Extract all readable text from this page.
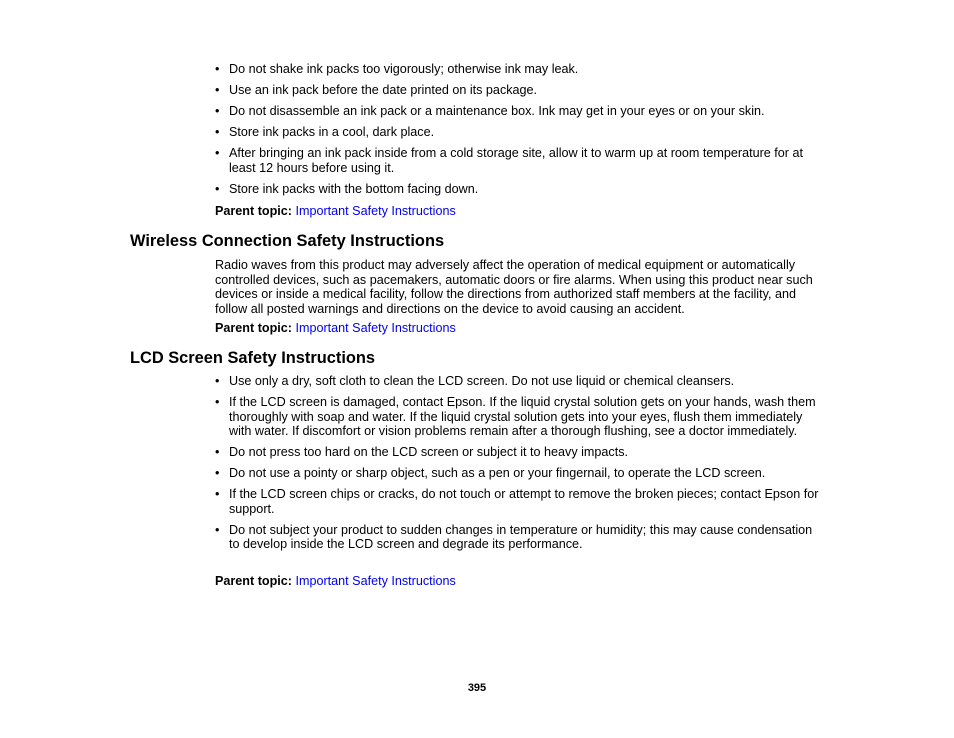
• Do not shake ink packs too vigorously; otherwise ink may leak.
• Use an ink pack before the date printed on its package.
• Do not disassemble an ink pack or a maintenance box. Ink may get in your eyes or on your skin.
• Store ink packs in a cool, dark place.
• After bringing an ink pack inside from a cold storage site, allow it to warm up at room temperature for at least 12 hours before using it.
• Store ink packs with the bottom facing down.
Parent topic: Important Safety Instructions
Wireless Connection Safety Instructions

Radio waves from this product may adversely affect the operation of medical equipment or automatically controlled devices, such as pacemakers, automatic doors or fire alarms. When using this product near such devices or inside a medical facility, follow the directions from authorized staff members at the facility, and follow all posted warnings and directions on the device to avoid causing an accident.

Parent topic: Important Safety Instructions
LCD Screen Safety Instructions
• Use only a dry, soft cloth to clean the LCD screen. Do not use liquid or chemical cleansers.
• If the LCD screen is damaged, contact Epson. If the liquid crystal solution gets on your hands, wash them thoroughly with soap and water. If the liquid crystal solution gets into your eyes, flush them immediately with water. If discomfort or vision problems remain after a thorough flushing, see a doctor immediately.
• Do not press too hard on the LCD screen or subject it to heavy impacts.
• Do not use a pointy or sharp object, such as a pen or your fingernail, to operate the LCD screen.
• If the LCD screen chips or cracks, do not touch or attempt to remove the broken pieces; contact Epson for support.
• Do not subject your product to sudden changes in temperature or humidity; this may cause condensation to develop inside the LCD screen and degrade its performance.
Parent topic: Important Safety Instructions
395
